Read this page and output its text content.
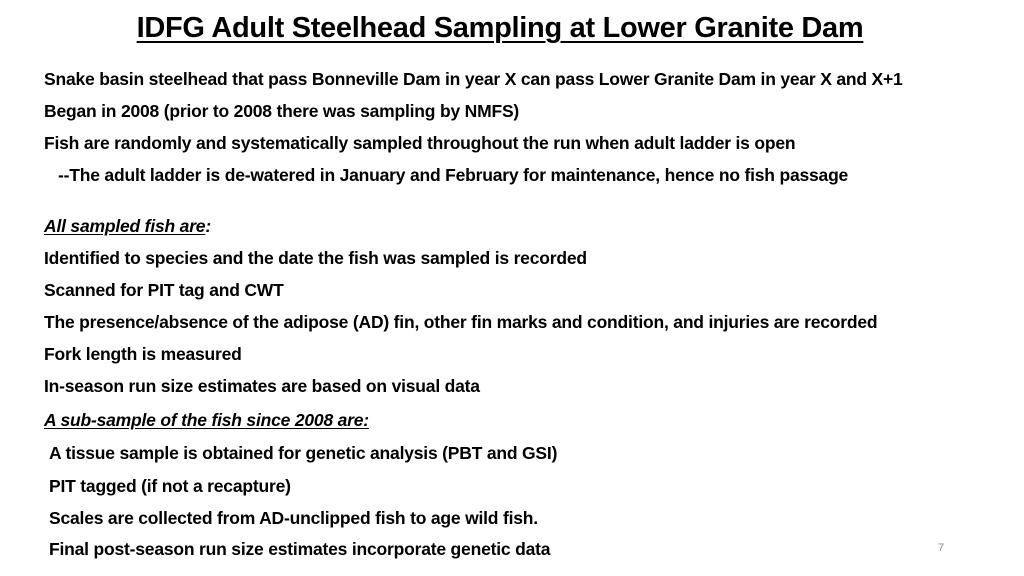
IDFG Adult Steelhead Sampling at Lower Granite Dam
Snake basin steelhead that pass Bonneville Dam in year X can pass Lower Granite Dam in year X and X+1
Began in 2008 (prior to 2008 there was sampling by NMFS)
Fish are randomly and systematically sampled throughout the run when adult ladder is open
--The adult ladder is de-watered in January and February for maintenance, hence no fish passage
All sampled fish are:
Identified to species and the date the fish was sampled is recorded
Scanned for PIT tag and CWT
The presence/absence of the adipose (AD) fin, other fin marks and condition, and injuries are recorded
Fork length is measured
In-season run size estimates are based on visual data
A sub-sample of the fish since 2008 are:
A tissue sample is obtained for genetic analysis (PBT and GSI)
PIT tagged (if not a recapture)
Scales are collected from AD-unclipped fish to age wild fish.
Final post-season run size estimates incorporate genetic data	7
